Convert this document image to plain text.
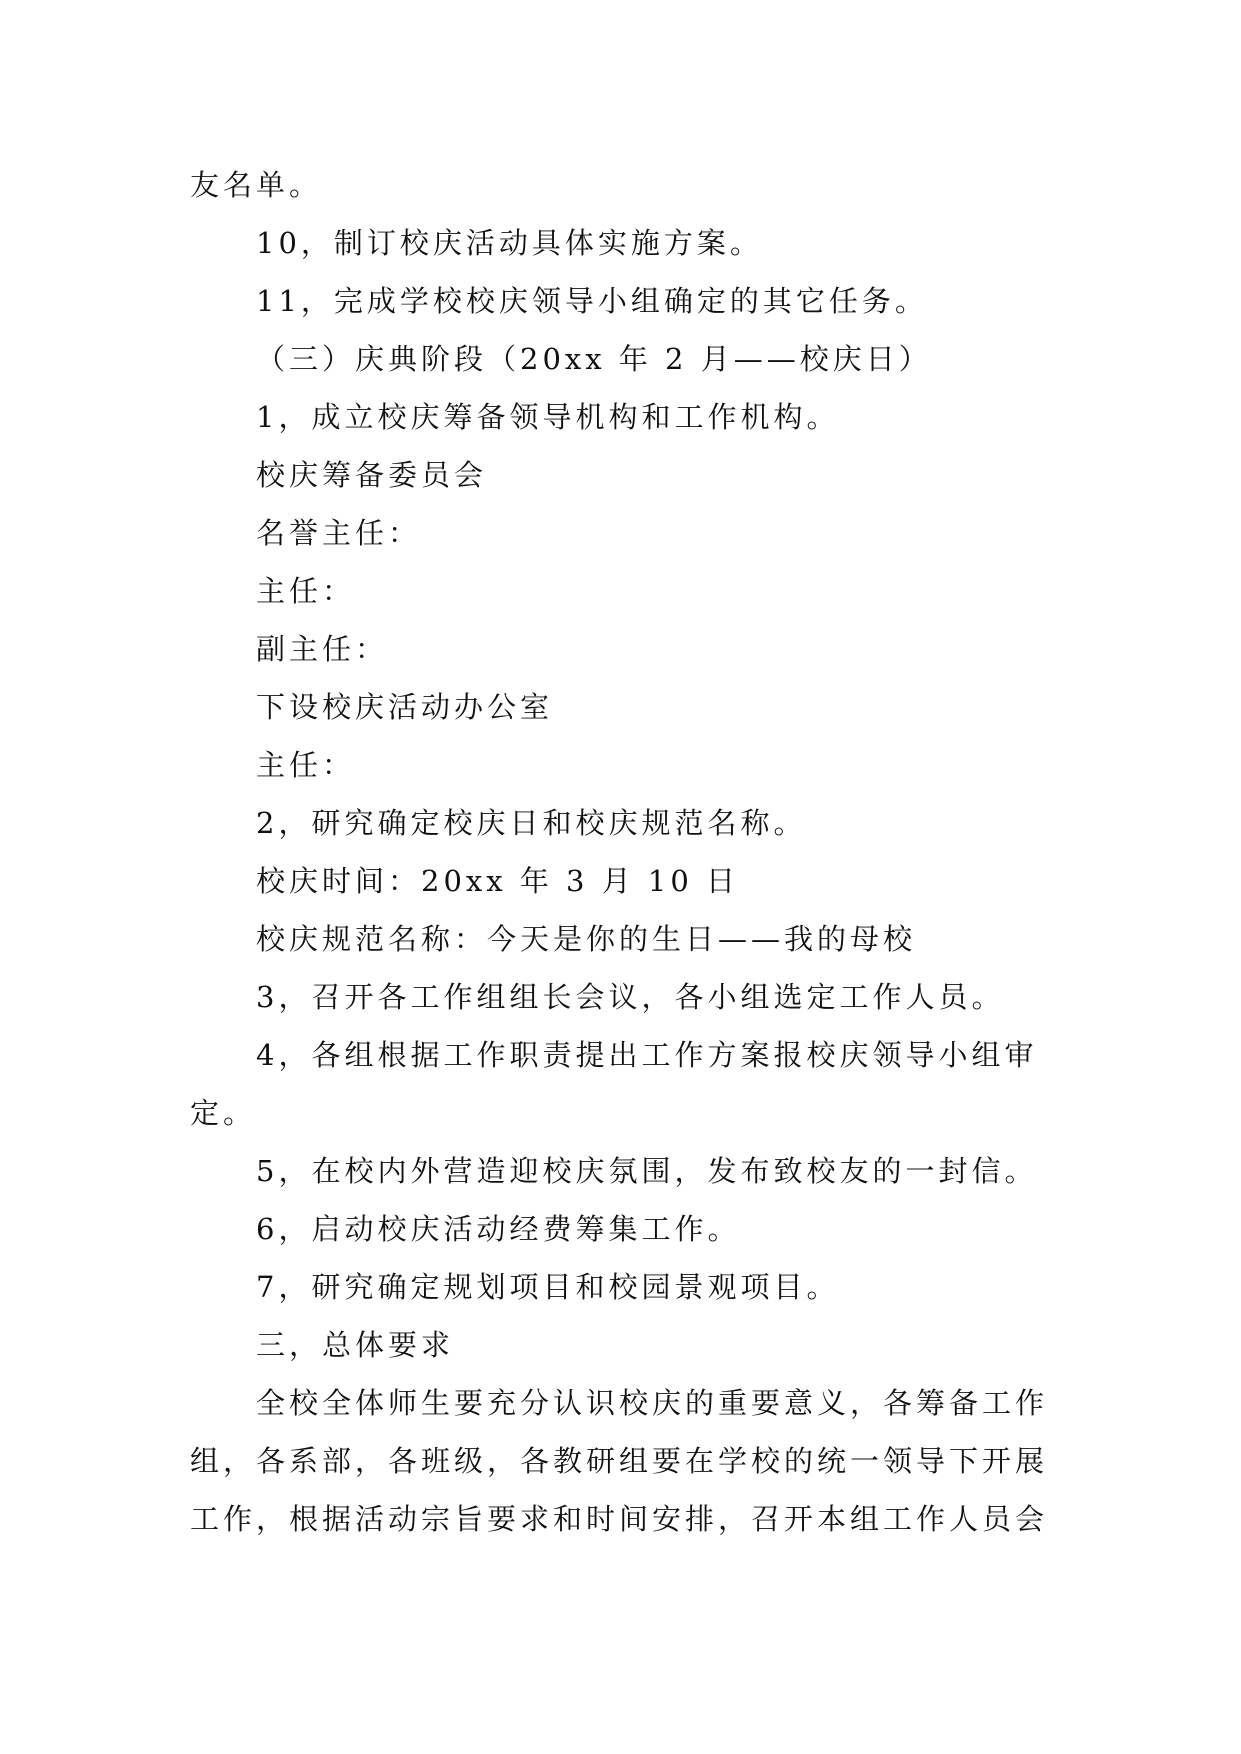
友名单。
10，制订校庆活动具体实施方案。
11，完成学校校庆领导小组确定的其它任务。
（三）庆典阶段（20xx 年 2 月——校庆日）
1，成立校庆筹备领导机构和工作机构。
校庆筹备委员会
名誉主任：
主任：
副主任：
下设校庆活动办公室
主任：
2，研究确定校庆日和校庆规范名称。
校庆时间：20xx 年 3 月 10 日
校庆规范名称：今天是你的生日——我的母校
3，召开各工作组组长会议，各小组选定工作人员。
4，各组根据工作职责提出工作方案报校庆领导小组审
定。
5，在校内外营造迎校庆氛围，发布致校友的一封信。
6，启动校庆活动经费筹集工作。
7，研究确定规划项目和校园景观项目。
三，总体要求
全校全体师生要充分认识校庆的重要意义，各筹备工作
组，各系部，各班级，各教研组要在学校的统一领导下开展
工作，根据活动宗旨要求和时间安排，召开本组工作人员会
